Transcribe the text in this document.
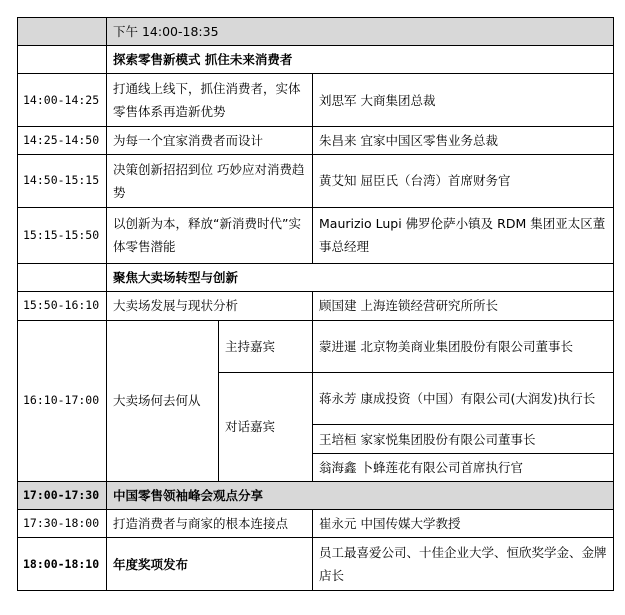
	下午 14:00-18:35		
	探索零售新模式 抓住未来消费者		
14:00-14:25	打通线上线下，抓住消费者，实体零售体系再造新优势		刘思军 大商集团总裁
14:25-14:50	为每一个宜家消费者而设计		朱昌来 宜家中国区零售业务总裁
14:50-15:15	决策创新招招到位 巧妙应对消费趋势		黄艾知 屈臣氏（台湾）首席财务官
15:15-15:50	以创新为本，释放“新消费时代”实体零售潜能		Maurizio Lupi 佛罗伦萨小镇及 RDM 集团亚太区董事总经理
	聚焦大卖场转型与创新		
15:50-16:10	大卖场发展与现状分析		顾国建 上海连锁经营研究所所长
16:10-17:00	大卖场何去何从	主持嘉宾	蒙进暹 北京物美商业集团股份有限公司董事长
		对话嘉宾	蒋永芳 康成投资（中国）有限公司(大润发)执行长
			王培桓 家家悦集团股份有限公司董事长
			翁海鑫 卜蜂莲花有限公司首席执行官
17:00-17:30	中国零售领袖峰会观点分享		
17:30-18:00	打造消费者与商家的根本连接点		崔永元 中国传媒大学教授
18:00-18:10	年度奖项发布		员工最喜爱公司、十佳企业大学、恒欣奖学金、金牌店长
